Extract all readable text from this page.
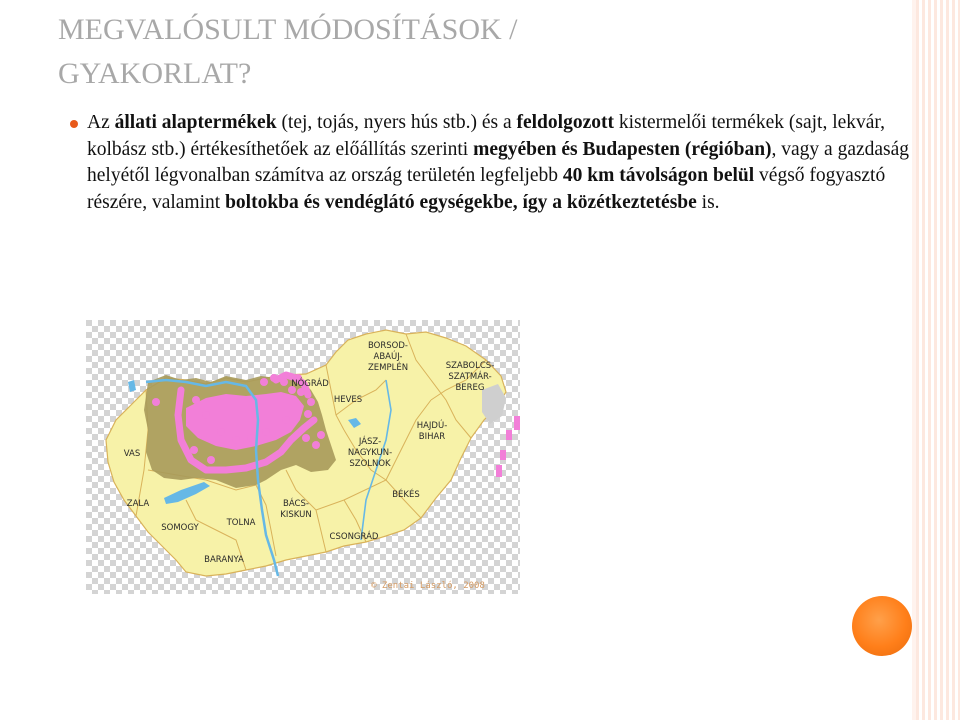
MEGVALÓSULT MÓDOSÍTÁSOK /
GYAKORLAT?
Az állati alaptermékek (tej, tojás, nyers hús stb.) és a feldolgozott kistermelői termékek (sajt, lekvár, kolbász stb.) értékesíthetőek az előállítás szerinti megyében és Budapesten (régióban), vagy a gazdaság helyétől légvonalban számítva az ország területén legfeljebb 40 km távolságon belül végső fogyasztó részére, valamint boltokba és vendéglátó egységekbe, így a közétkeztetésbe is.
BORSOD-ABAÚJ-ZEMPLÉN	SZABOLCS-SZATMÁR-BEREG
NÓGRÁD
HEVES
HAJDÚ-BIHAR
JÁSZ-NAGYKUN-SZOLNOK
VAS
ZALA
SOMOGY	TOLNA
BÁCS-KISKUN
BÉKÉS
CSONGRÁD
BARANYA
© Zentai László, 2008
